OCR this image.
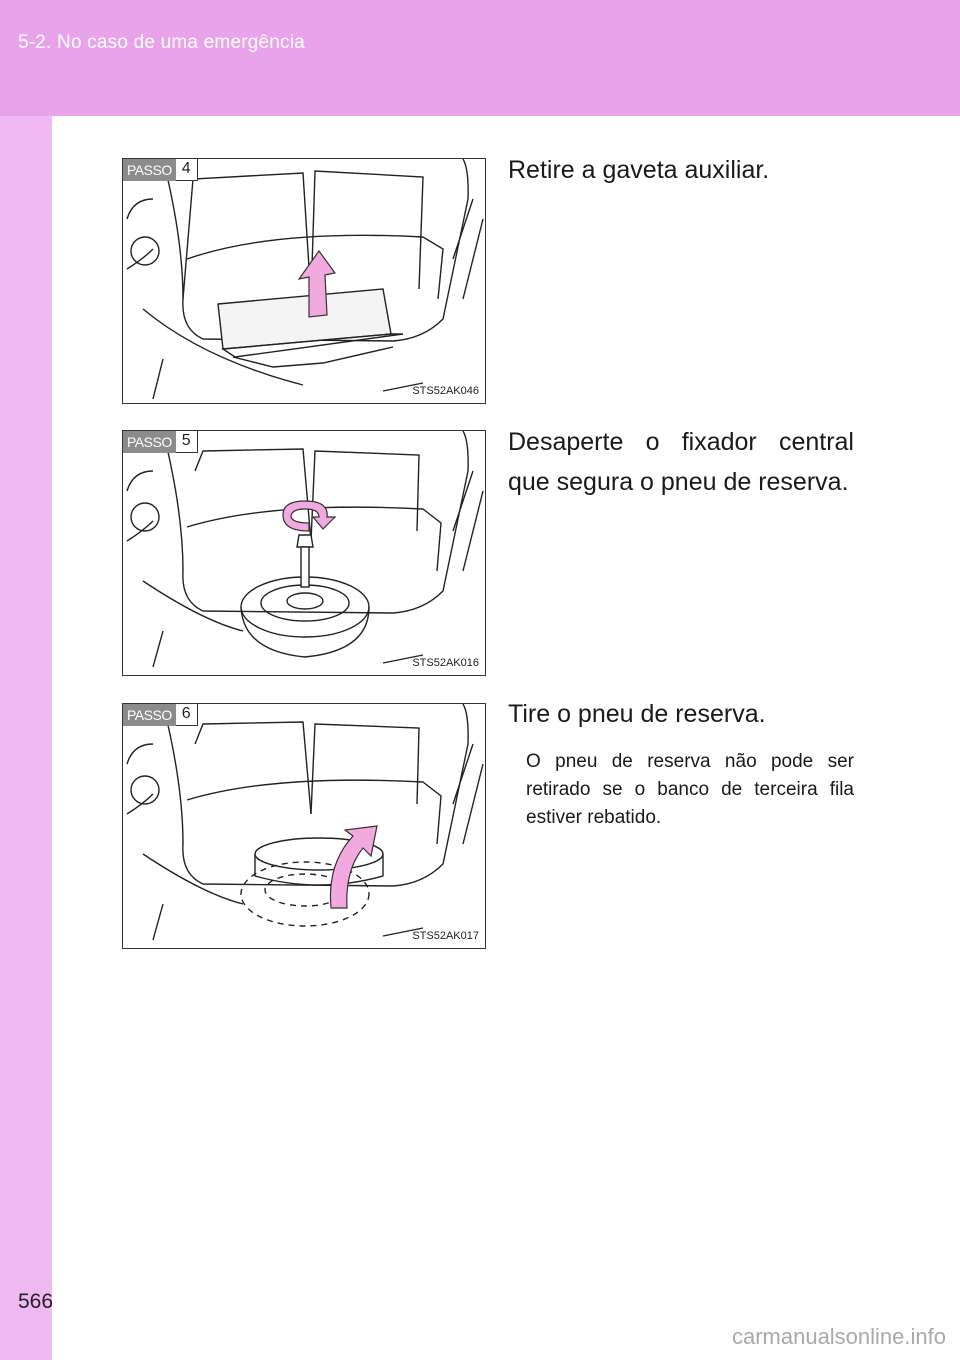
5-2. No caso de uma emergência
PASSO 4
STS52AK046
Retire a gaveta auxiliar.
PASSO 5
STS52AK016
Desaperte o fixador central que segura o pneu de reserva.
PASSO 6
STS52AK017
Tire o pneu de reserva.
O pneu de reserva não pode ser retirado se o banco de terceira fila estiver rebatido.
566
carmanualsonline.info
